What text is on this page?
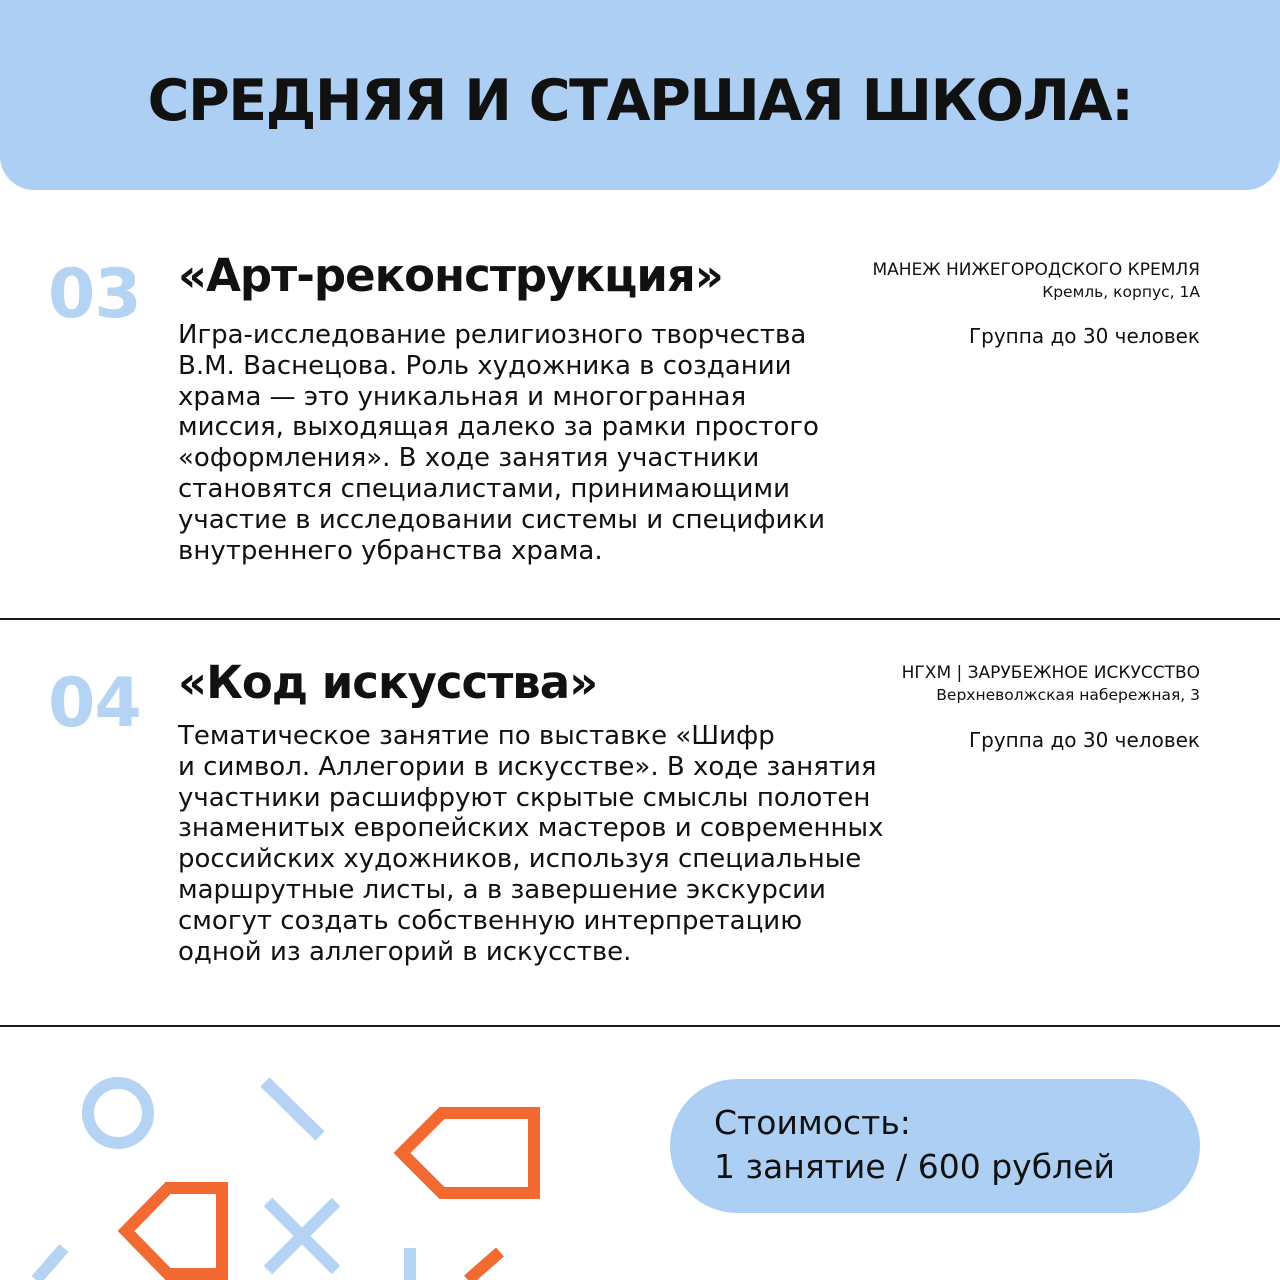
СРЕДНЯЯ И СТАРШАЯ ШКОЛА:
03 «Арт-реконструкция»	МАНЕЖ НИЖЕГОРОДСКОГО КРЕМЛЯ
Кремль, корпус, 1А
Группа до 30 человек
Игра-исследование религиозного творчества
В.М. Васнецова. Роль художника в создании
храма — это уникальная и многогранная
миссия, выходящая далеко за рамки простого
«оформления». В ходе занятия участники
становятся специалистами, принимающими
участие в исследовании системы и специфики
внутреннего убранства храма.
04 «Код искусства»	НГХМ | ЗАРУБЕЖНОЕ ИСКУССТВО
Верхневолжская набережная, 3
Группа до 30 человек
Тематическое занятие по выставке «Шифр
и символ. Аллегории в искусстве». В ходе занятия
участники расшифруют скрытые смыслы полотен
знаменитых европейских мастеров и современных
российских художников, используя специальные
маршрутные листы, а в завершение экскурсии
смогут создать собственную интерпретацию
одной из аллегорий в искусстве.
Стоимость:
1 занятие / 600 рублей
